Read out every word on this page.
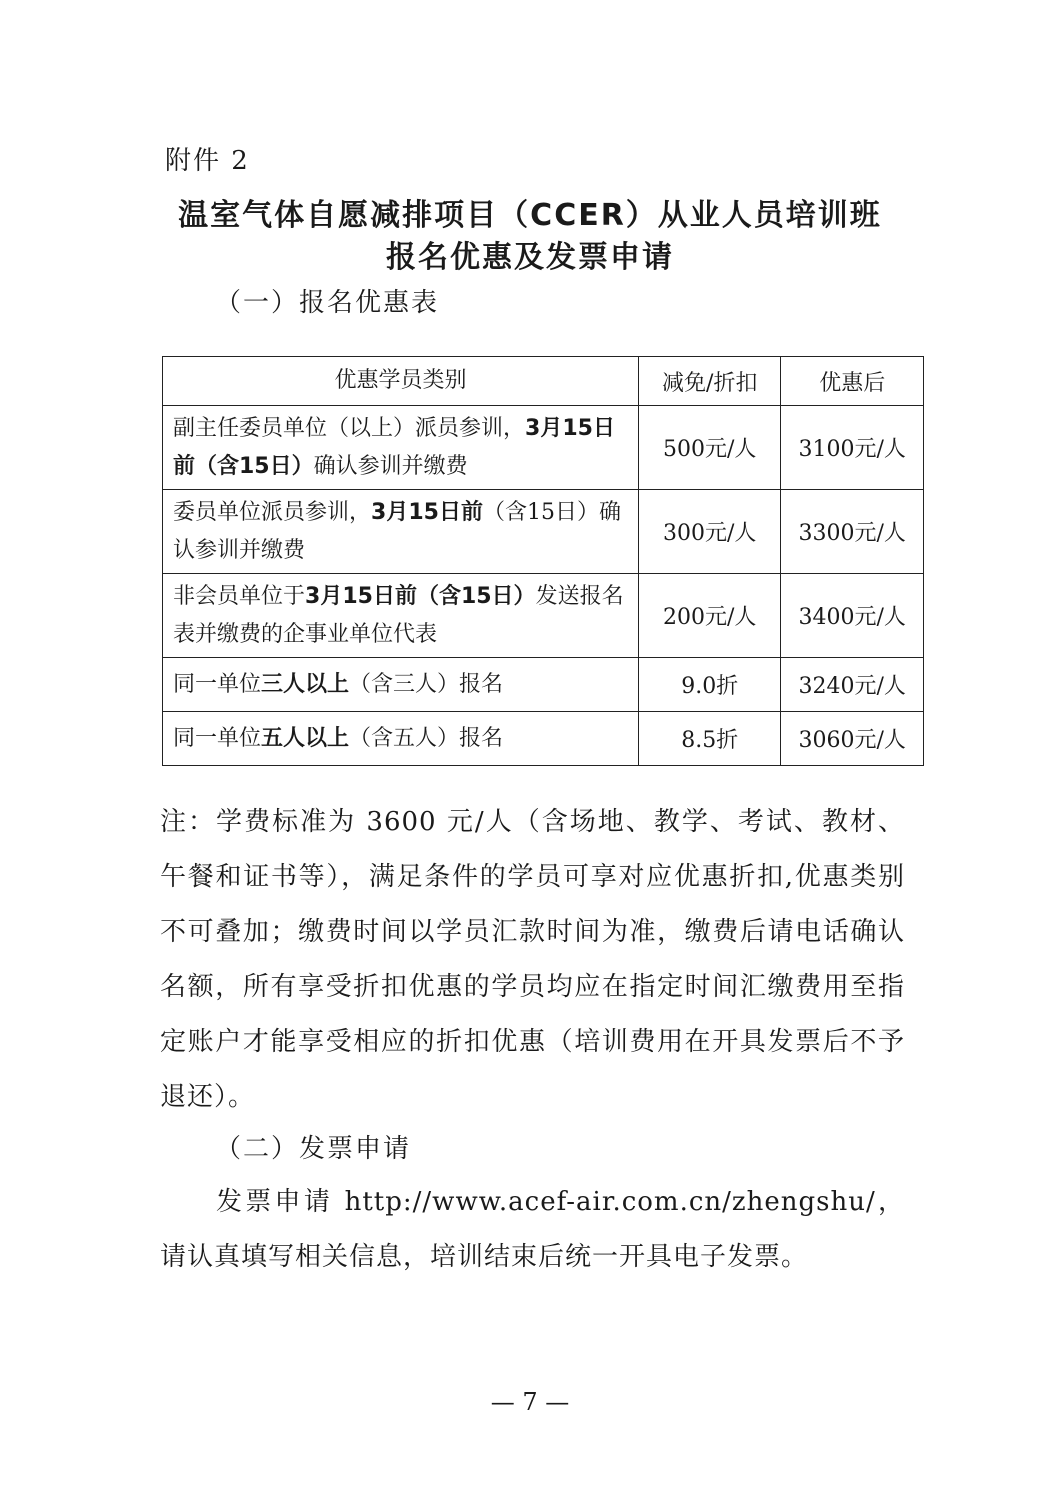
附件 2
温室气体自愿减排项目（CCER）从业人员培训班
报名优惠及发票申请
（一）报名优惠表
优惠学员类别	减免/折扣	优惠后
副主任委员单位（以上）派员参训，3月15日前（含15日）确认参训并缴费	500元/人	3100元/人
委员单位派员参训，3月15日前（含15日）确认参训并缴费	300元/人	3300元/人
非会员单位于3月15日前（含15日）发送报名表并缴费的企事业单位代表	200元/人	3400元/人
同一单位三人以上（含三人）报名	9.0折	3240元/人
同一单位五人以上（含五人）报名	8.5折	3060元/人

注：学费标准为 3600 元/人（含场地、教学、考试、教材、午餐和证书等），满足条件的学员可享对应优惠折扣,优惠类别不可叠加；缴费时间以学员汇款时间为准，缴费后请电话确认名额，所有享受折扣优惠的学员均应在指定时间汇缴费用至指定账户才能享受相应的折扣优惠（培训费用在开具发票后不予退还）。

（二）发票申请

发票申请 http://www.acef-air.com.cn/zhengshu/，请认真填写相关信息，培训结束后统一开具电子发票。

— 7 —
